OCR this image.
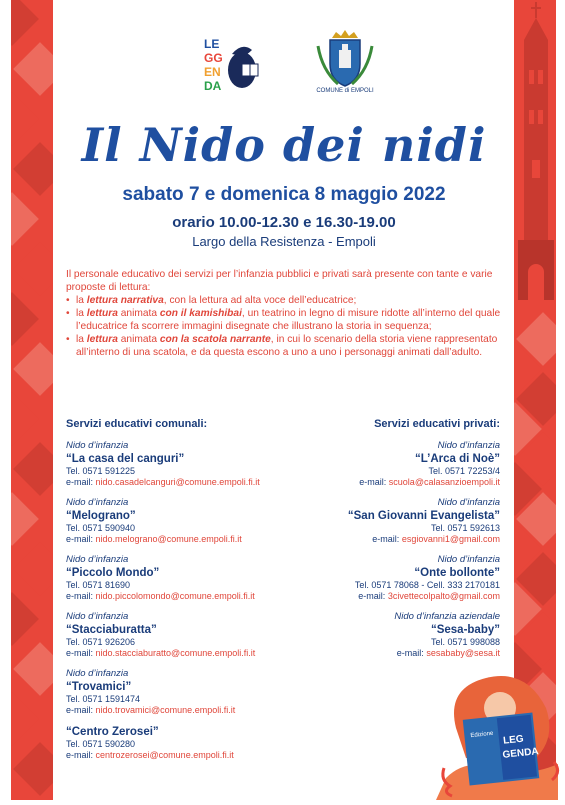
LE
GG
EN
DA	COMUNE di EMPOLI
Il Nido dei nidi
sabato 7 e domenica 8 maggio 2022
orario 10.00-12.30 e 16.30-19.00
Largo della Resistenza - Empoli
Il personale educativo dei servizi per l’infanzia pubblici e privati sarà presente con tante e varie proposte di lettura:
• la lettura narrativa, con la lettura ad alta voce dell’educatrice;
• la lettura animata con il kamishibai, un teatrino in legno di misure ridotte all’interno del quale l’educatrice fa scorrere immagini disegnate che illustrano la storia in sequenza;
• la lettura animata con la scatola narrante, in cui lo scenario della storia viene rappresentato all’interno di una scatola, e da questa escono a uno a uno i personaggi animati dall’adulto.
Servizi educativi comunali:
Nido d’infanzia
“La casa del canguri”
Tel. 0571 591225
e-mail: nido.casadelcanguri@comune.empoli.fi.it
Nido d’infanzia
“Melograno”
Tel. 0571 590940
e-mail: nido.melograno@comune.empoli.fi.it
Nido d’infanzia
“Piccolo Mondo”
Tel. 0571 81690
e-mail: nido.piccolomondo@comune.empoli.fi.it
Nido d’infanzia
“Stacciaburatta”
Tel. 0571 926206
e-mail: nido.stacciaburatto@comune.empoli.fi.it
Nido d’infanzia
“Trovamici”
Tel. 0571 1591474
e-mail: nido.trovamici@comune.empoli.fi.it
“Centro Zerosei”
Tel. 0571 590280
e-mail: centrozerosei@comune.empoli.fi.it
Servizi educativi privati:
Nido d’infanzia
“L’Arca di Noè”
Tel. 0571 72253/4
e-mail: scuola@calasanzioempoli.it
Nido d’infanzia
“San Giovanni Evangelista”
Tel. 0571 592613
e-mail: esgiovanni1@gmail.com
Nido d’infanzia
“Onte bollonte”
Tel. 0571 78068 - Cell. 333 2170181
e-mail: 3civettecolpalto@gmail.com
Nido d’infanzia aziendale
“Sesa-baby”
Tel. 0571 998088
e-mail: sesababy@sesa.it
Edizione LEG
GENDA
